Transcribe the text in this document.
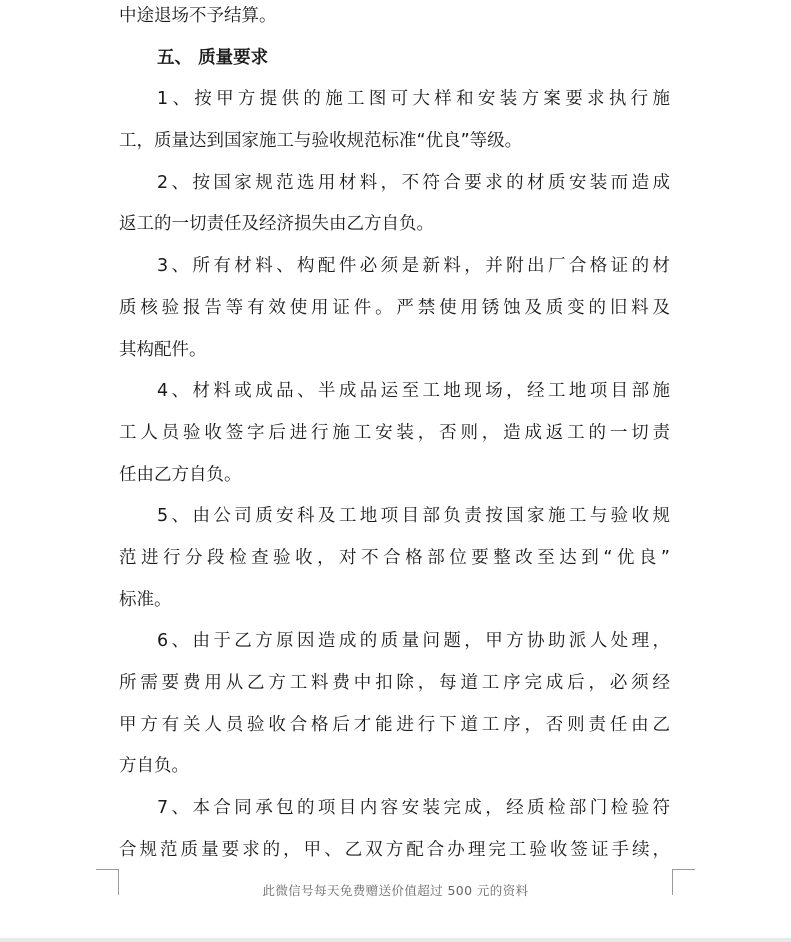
中途退场不予结算。
五、 质量要求
1、按甲方提供的施工图可大样和安装方案要求执行施
工，质量达到国家施工与验收规范标准“优良”等级。
2、按国家规范选用材料，不符合要求的材质安装而造成
返工的一切责任及经济损失由乙方自负。
3、所有材料、构配件必须是新料，并附出厂合格证的材
质核验报告等有效使用证件。严禁使用锈蚀及质变的旧料及
其构配件。
4、材料或成品、半成品运至工地现场，经工地项目部施
工人员验收签字后进行施工安装，否则，造成返工的一切责
任由乙方自负。
5、由公司质安科及工地项目部负责按国家施工与验收规
范进行分段检查验收，对不合格部位要整改至达到“优良”
标准。
6、由于乙方原因造成的质量问题，甲方协助派人处理，
所需要费用从乙方工料费中扣除，每道工序完成后，必须经
甲方有关人员验收合格后才能进行下道工序，否则责任由乙
方自负。
7、本合同承包的项目内容安装完成，经质检部门检验符
合规范质量要求的，甲、乙双方配合办理完工验收签证手续，
此微信号每天免费赠送价值超过 500 元的资料
